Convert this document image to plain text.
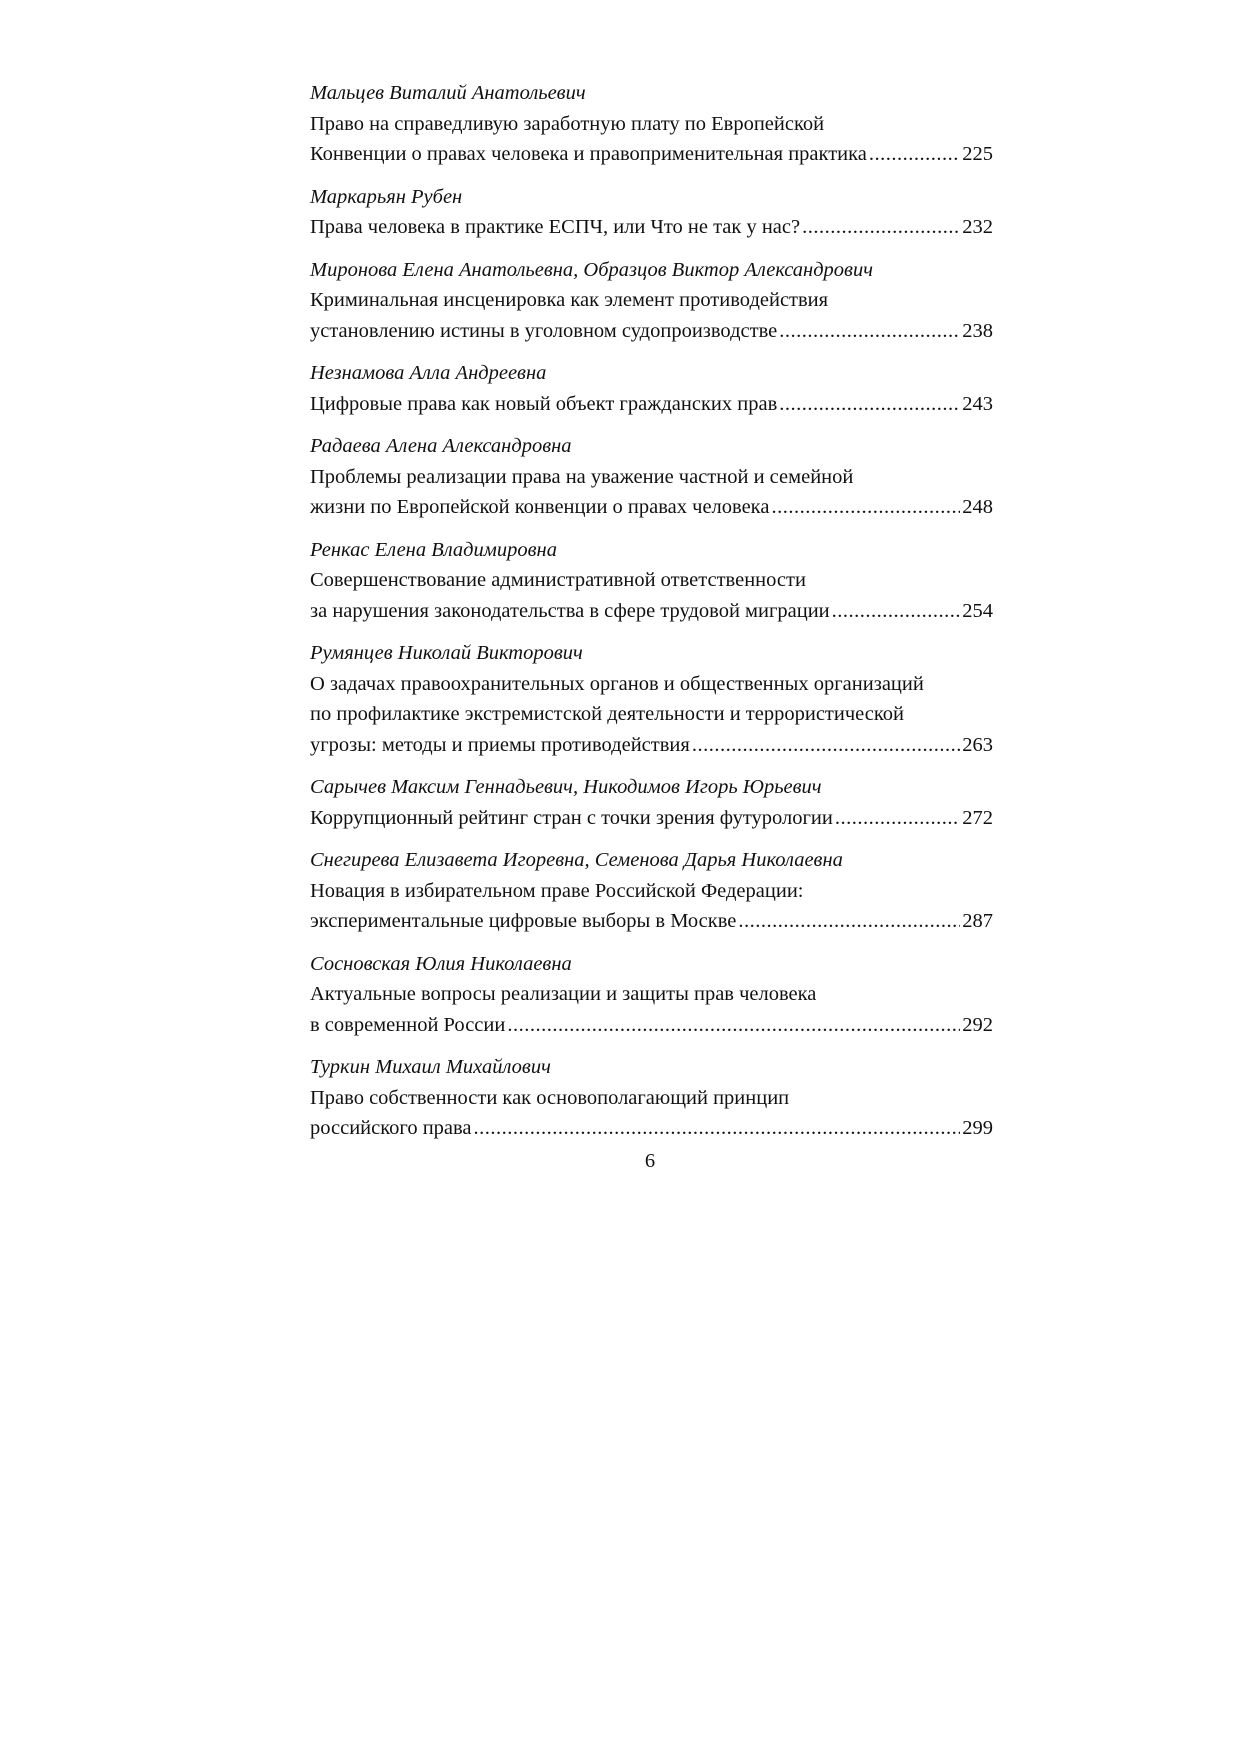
Мальцев Виталий Анатольевич
Право на справедливую заработную плату по Европейской
Конвенции о правах человека и правоприменительная практика .....	225
Маркарьян Рубен
Права человека в практике ЕСПЧ, или Что не так у нас? .....	232
Миронова Елена Анатольевна, Образцов Виктор Александрович
Криминальная инсценировка как элемент противодействия
установлению истины в уголовном судопроизводстве .....	238
Незнамова Алла Андреевна
Цифровые права как новый объект гражданских прав .....	243
Радаева Алена Александровна
Проблемы реализации права на уважение частной и семейной
жизни по Европейской конвенции о правах человека .....	248
Ренкас Елена Владимировна
Совершенствование административной ответственности
за нарушения законодательства в сфере трудовой миграции .....	254
Румянцев Николай Викторович
О задачах правоохранительных органов и общественных организаций
по профилактике экстремистской деятельности и террористической
угрозы: методы и приемы противодействия .....	263
Сарычев Максим Геннадьевич, Никодимов Игорь Юрьевич
Коррупционный рейтинг стран с точки зрения футурологии .....	272
Снегирева Елизавета Игоревна, Семенова Дарья Николаевна
Новация в избирательном праве Российской Федерации:
экспериментальные цифровые выборы в Москве .....	287
Сосновская Юлия Николаевна
Актуальные вопросы реализации и защиты прав человека
в современной России .....	292
Туркин Михаил Михайлович
Право собственности как основополагающий принцип
российского права .....	299
6
